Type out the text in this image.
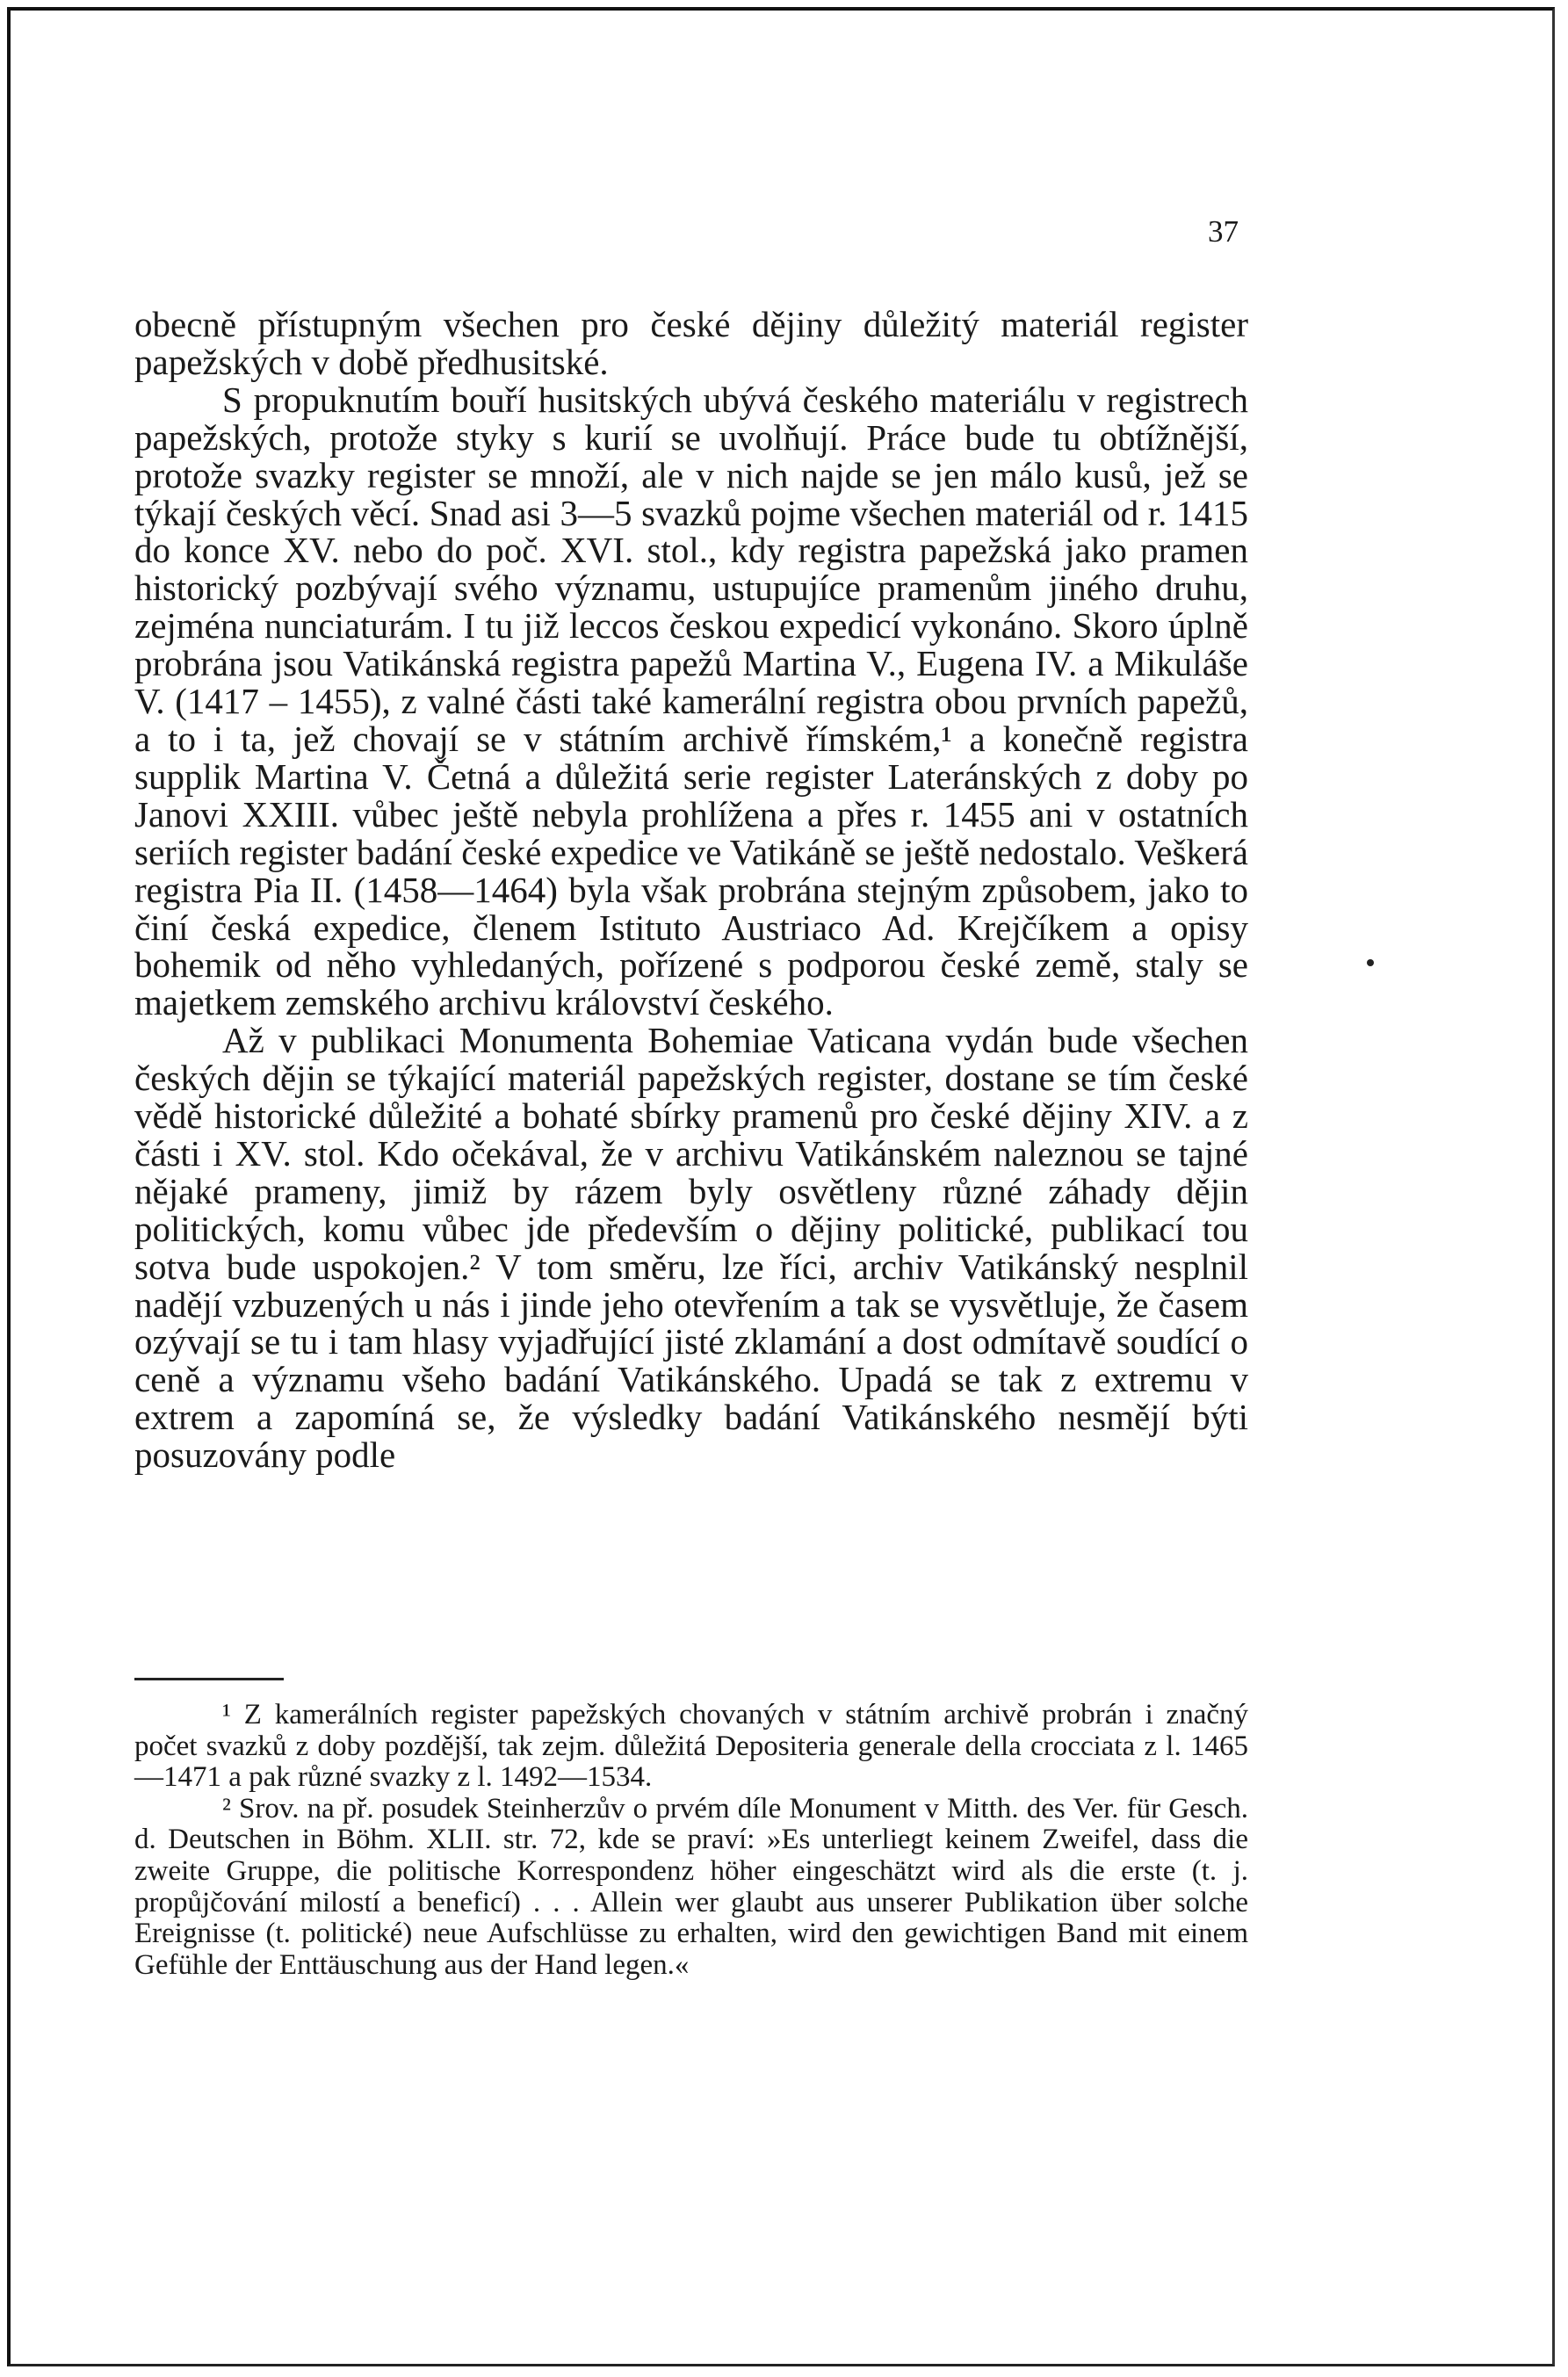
37

obecně přístupným všechen pro české dějiny důležitý materiál register papežských v době předhusitské.

S propuknutím bouří husitských ubývá českého materiálu v registrech papežských, protože styky s kurií se uvolňují. Práce bude tu obtížnější, protože svazky register se množí, ale v nich najde se jen málo kusů, jež se týkají českých věcí. Snad asi 3—5 svazků pojme všechen materiál od r. 1415 do konce XV. nebo do poč. XVI. stol., kdy registra papežská jako pramen historický pozbývají svého významu, ustupujíce pramenům jiného druhu, zejména nunciaturám. I tu již leccos českou expedicí vykonáno. Skoro úplně probrána jsou Vatikánská registra papežů Martina V., Eugena IV. a Mikuláše V. (1417 – 1455), z valné části také kamerální registra obou prvních papežů, a to i ta, jež chovají se v státním archivě římském,¹ a konečně registra supplik Martina V. Četná a důležitá serie register Lateránských z doby po Janovi XXIII. vůbec ještě nebyla prohlížena a přes r. 1455 ani v ostatních seriích register badání české expedice ve Vatikáně se ještě nedostalo. Veškerá registra Pia II. (1458—1464) byla však probrána stejným způsobem, jako to činí česká expedice, členem Istituto Austriaco Ad. Krejčíkem a opisy bohemik od něho vyhledaných, pořízené s podporou české země, staly se majetkem zemského archivu království českého.

Až v publikaci Monumenta Bohemiae Vaticana vydán bude všechen českých dějin se týkající materiál papežských register, dostane se tím české vědě historické důležité a bohaté sbírky pramenů pro české dějiny XIV. a z části i XV. stol. Kdo očekával, že v archivu Vatikánském naleznou se tajné nějaké prameny, jimiž by rázem byly osvětleny různé záhady dějin politických, komu vůbec jde především o dějiny politické, publikací tou sotva bude uspokojen.² V tom směru, lze říci, archiv Vatikánský nesplnil nadějí vzbuzených u nás i jinde jeho otevřením a tak se vysvětluje, že časem ozývají se tu i tam hlasy vyjadřující jisté zklamání a dost odmítavě soudící o ceně a významu všeho badání Vatikánského. Upadá se tak z extremu v extrem a zapomíná se, že výsledky badání Vatikánského nesmějí býti posuzovány podle

¹ Z kamerálních register papežských chovaných v státním archivě probrán i značný počet svazků z doby pozdější, tak zejm. důležitá Depositeria generale della crocciata z l. 1465—1471 a pak různé svazky z l. 1492—1534.

² Srov. na př. posudek Steinherzův o prvém díle Monument v Mitth. des Ver. für Gesch. d. Deutschen in Böhm. XLII. str. 72, kde se praví: »Es unterliegt keinem Zweifel, dass die zweite Gruppe, die politische Korrespondenz höher eingeschätzt wird als die erste (t. j. propůjčování milostí a beneficí) . . . Allein wer glaubt aus unserer Publikation über solche Ereignisse (t. politické) neue Aufschlüsse zu erhalten, wird den gewichtigen Band mit einem Gefühle der Enttäuschung aus der Hand legen.«
